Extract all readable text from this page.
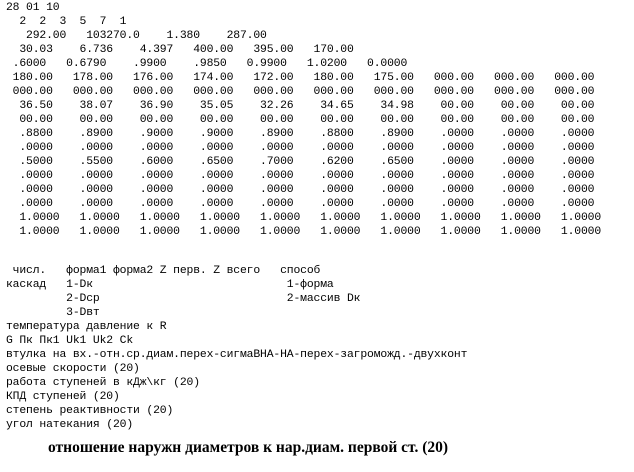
28 01 10
2  2  3  5  7  1
292.00   103270.0    1.380    287.00
30.03    6.736    4.397   400.00   395.00   170.00
.6000   0.6790    .9900    .9850   0.9900   1.0200   0.0000
180.00   178.00   176.00   174.00   172.00   180.00   175.00   000.00   000.00   000.00
000.00   000.00   000.00   000.00   000.00   000.00   000.00   000.00   000.00   000.00
36.50    38.07    36.90    35.05    32.26    34.65    34.98    00.00    00.00    00.00
00.00    00.00    00.00    00.00    00.00    00.00    00.00    00.00    00.00    00.00
.8800    .8900    .9000    .9000    .8900    .8800    .8900    .0000    .0000    .0000
.0000    .0000    .0000    .0000    .0000    .0000    .0000    .0000    .0000    .0000
.5000    .5500    .6000    .6500    .7000    .6200    .6500    .0000    .0000    .0000
.0000    .0000    .0000    .0000    .0000    .0000    .0000    .0000    .0000    .0000
.0000    .0000    .0000    .0000    .0000    .0000    .0000    .0000    .0000    .0000
.0000    .0000    .0000    .0000    .0000    .0000    .0000    .0000    .0000    .0000
1.0000   1.0000   1.0000   1.0000   1.0000   1.0000   1.0000   1.0000   1.0000   1.0000
1.0000   1.0000   1.0000   1.0000   1.0000   1.0000   1.0000   1.0000   1.0000   1.0000
числ.   форма1 форма2 Z перв. Z всего   способ
каскад   1-Dк                             1-форма
2-Dср                            2-массив Dк
3-Dвт
температура давление к R
G Пк Пк1 Uk1 Uk2 Ck
втулка на вх.-отн.ср.диам.перех-сигмаВНА-НА-перех-загроможд.-двухконт
осевые скорости (20)
работа ступеней в кДж\кг (20)
КПД ступеней (20)
степень реактивности (20)
угол натекания (20)
отношение наружн диаметров к нар.диам. первой ст. (20)
